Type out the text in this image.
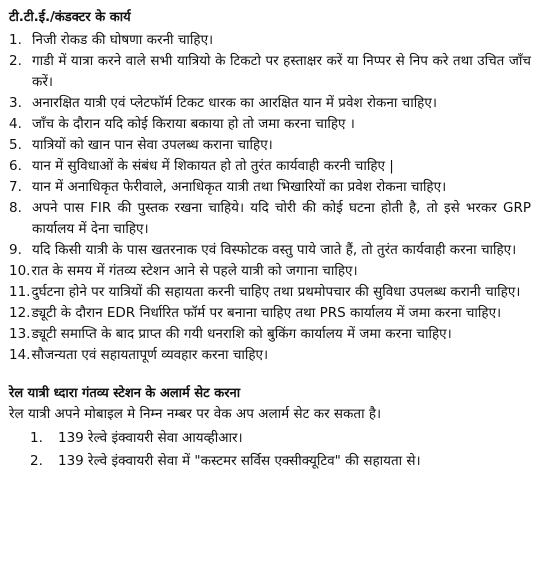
टी.टी.ई./कंडक्टर के कार्य
1. निजी रोकड की घोषणा करनी चाहिए।
2. गाडी में यात्रा करने वाले सभी यात्रियो के टिकटो पर हस्ताक्षर करें या निप्पर से निप करे तथा उचित जाँच करें।
3. अनारक्षित यात्री एवं प्लेटफॉर्म टिकट धारक का आरक्षित यान में प्रवेश रोकना चाहिए।
4. जाँच के दौरान यदि कोई किराया बकाया हो तो जमा करना चाहिए ।
5. यात्रियों को खान पान सेवा उपलब्ध कराना चाहिए।
6. यान में सुविधाओं के संबंध में शिकायत हो तो तुरंत कार्यवाही करनी चाहिए |
7. यान में अनाधिकृत फेरीवाले, अनाधिकृत यात्री तथा भिखारियों का प्रवेश रोकना चाहिए।
8. अपने पास FIR की पुस्तक रखना चाहिये। यदि चोरी की कोई घटना होती है, तो इसे भरकर GRP कार्यालय में देना चाहिए।
9. यदि किसी यात्री के पास खतरनाक एवं विस्फोटक वस्तु पाये जाते हैं, तो तुरंत कार्यवाही करना चाहिए।
10. रात के समय में गंतव्य स्टेशन आने से पहले यात्री को जगाना चाहिए।
11. दुर्घटना होने पर यात्रियों की सहायता करनी चाहिए तथा प्रथमोपचार की सुविधा उपलब्ध करानी चाहिए।
12. ड्यूटी के दौरान EDR निर्धारित फॉर्म पर बनाना चाहिए तथा PRS कार्यालय में जमा करना चाहिए।
13. ड्यूटी समाप्ति के बाद प्राप्त की गयी धनराशि को बुकिंग कार्यालय में जमा करना चाहिए।
14. सौजन्यता एवं सहायतापूर्ण व्यवहार करना चाहिए।
रेल यात्री ध्दारा गंतव्य स्टेशन के अलार्म सेट करना
रेल यात्री अपने मोबाइल मे निम्न नम्बर पर वेक अप अलार्म सेट कर सकता है।
1.	139 रेल्वे इंक्वायरी सेवा आयव्हीआर।
2.	139 रेल्वे इंक्वायरी सेवा में "कस्टमर सर्विस एक्सीक्यूटिव" की सहायता से।
